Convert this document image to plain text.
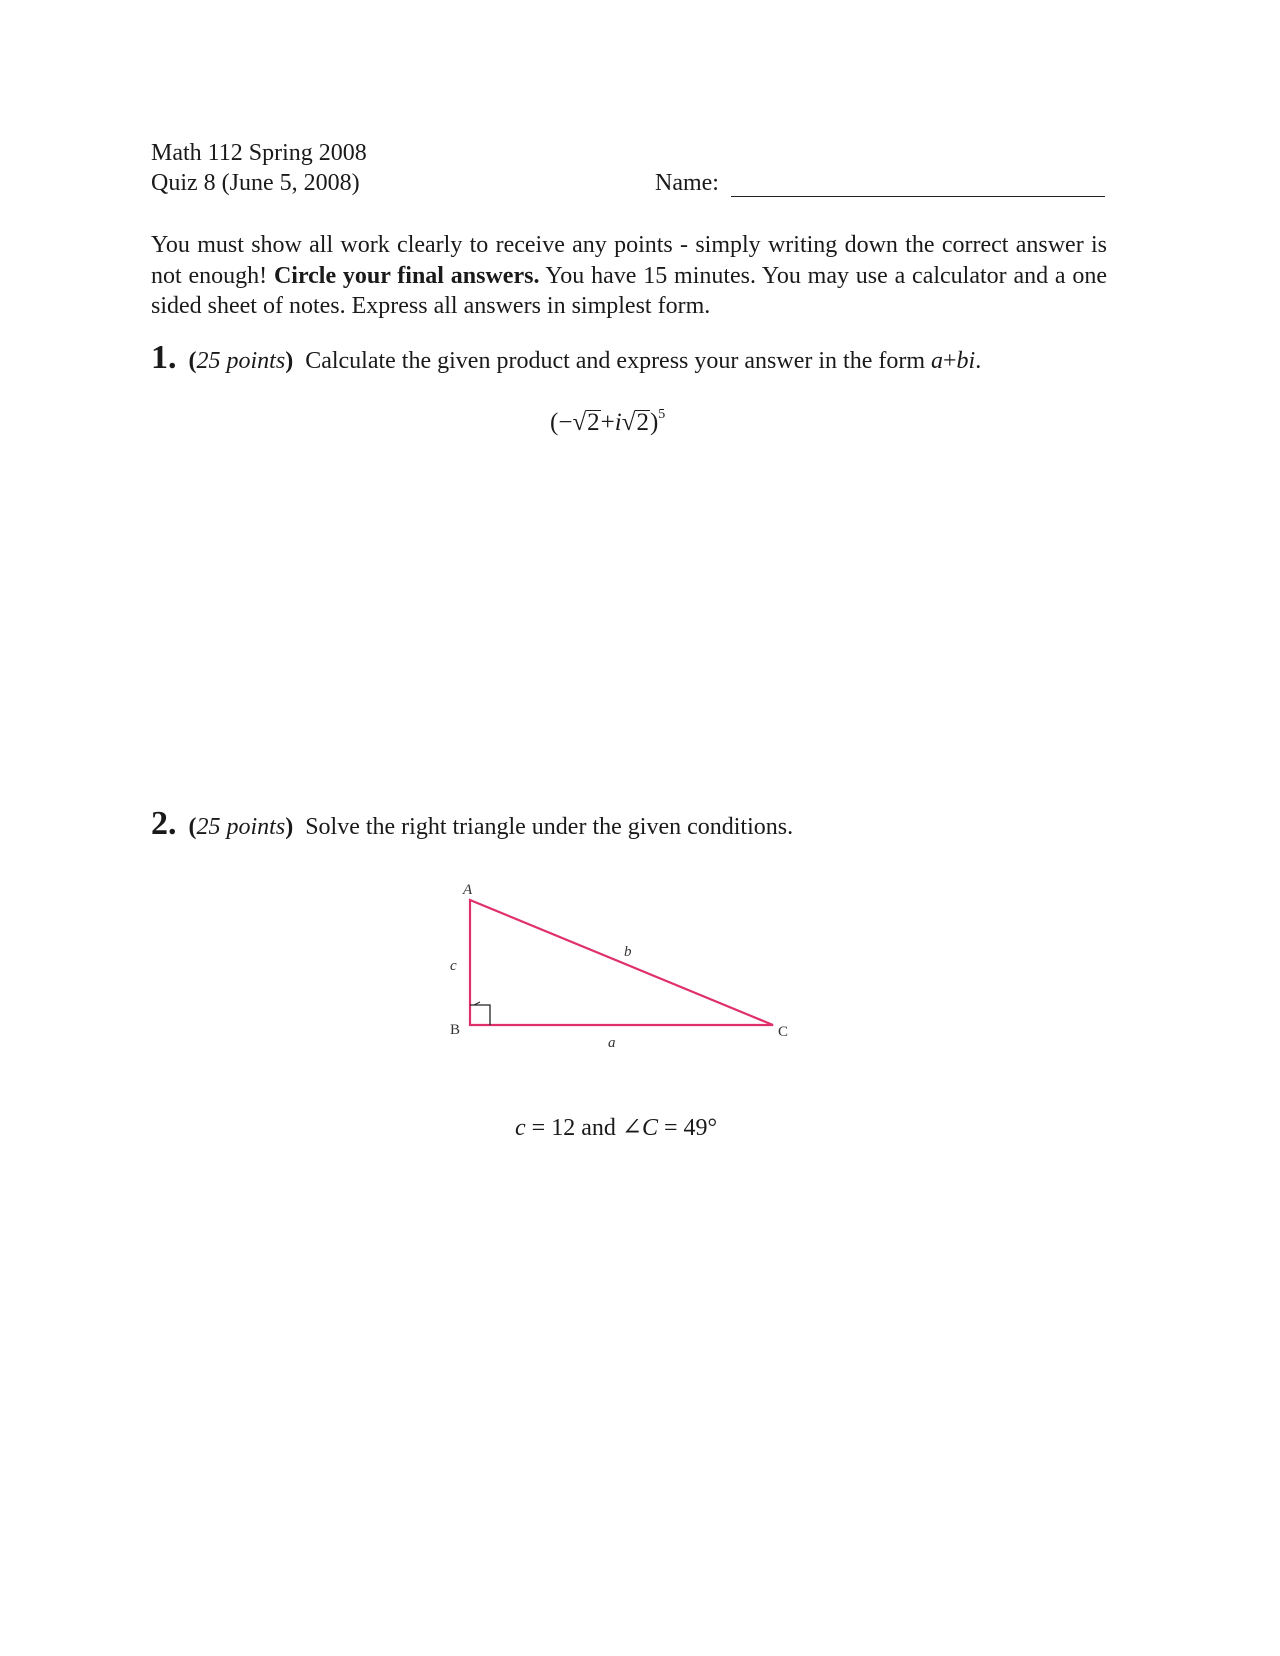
Math 112 Spring 2008
Quiz 8 (June 5, 2008)	Name:
You must show all work clearly to receive any points - simply writing down the correct answer is not enough! Circle your final answers. You have 15 minutes. You may use a calculator and a one sided sheet of notes. Express all answers in simplest form.
1. (25 points) Calculate the given product and express your answer in the form a+bi.
$(-√2+i√2)^5$
2. (25 points) Solve the right triangle under the given conditions.
A
B	C
a
b
c
c = 12 and ∠C = 49°
